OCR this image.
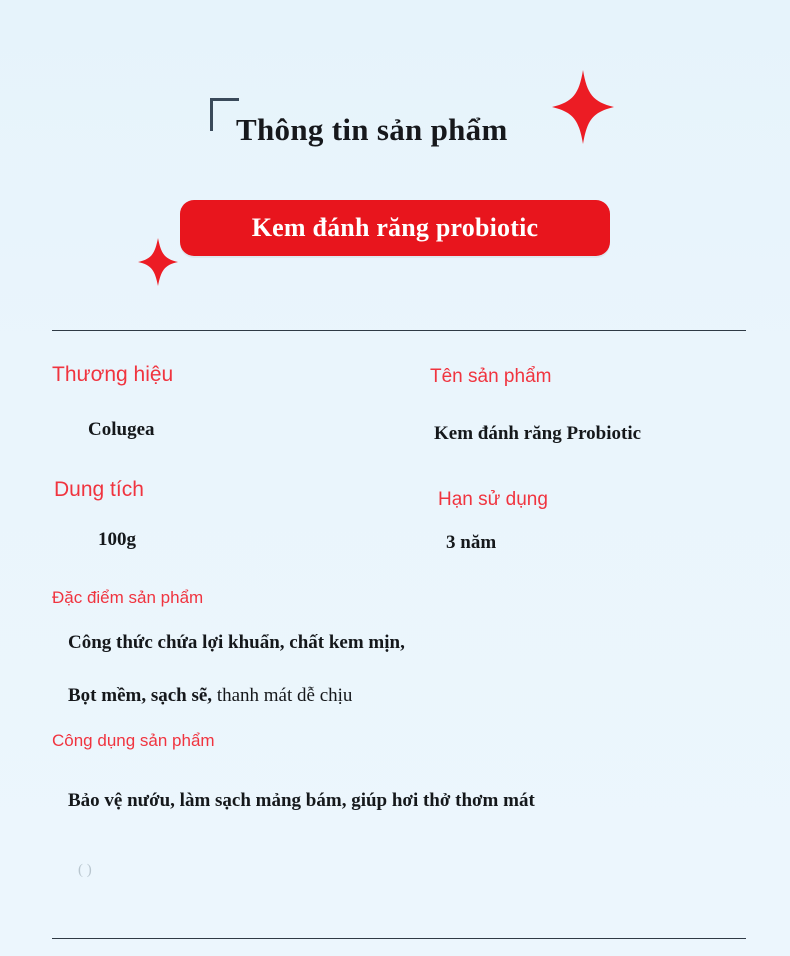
Thông tin sản phẩm
Kem đánh răng probiotic
Thương hiệu
Colugea
Tên sản phẩm
Kem đánh răng Probiotic
Dung tích
100g
Hạn sử dụng
3 năm
Đặc điểm sản phẩm
Công thức chứa lợi khuẩn, chất kem mịn,
Bọt mềm, sạch sẽ, thanh mát dễ chịu
Công dụng sản phẩm
Bảo vệ nướu, làm sạch mảng bám, giúp hơi thở thơm mát
( )
